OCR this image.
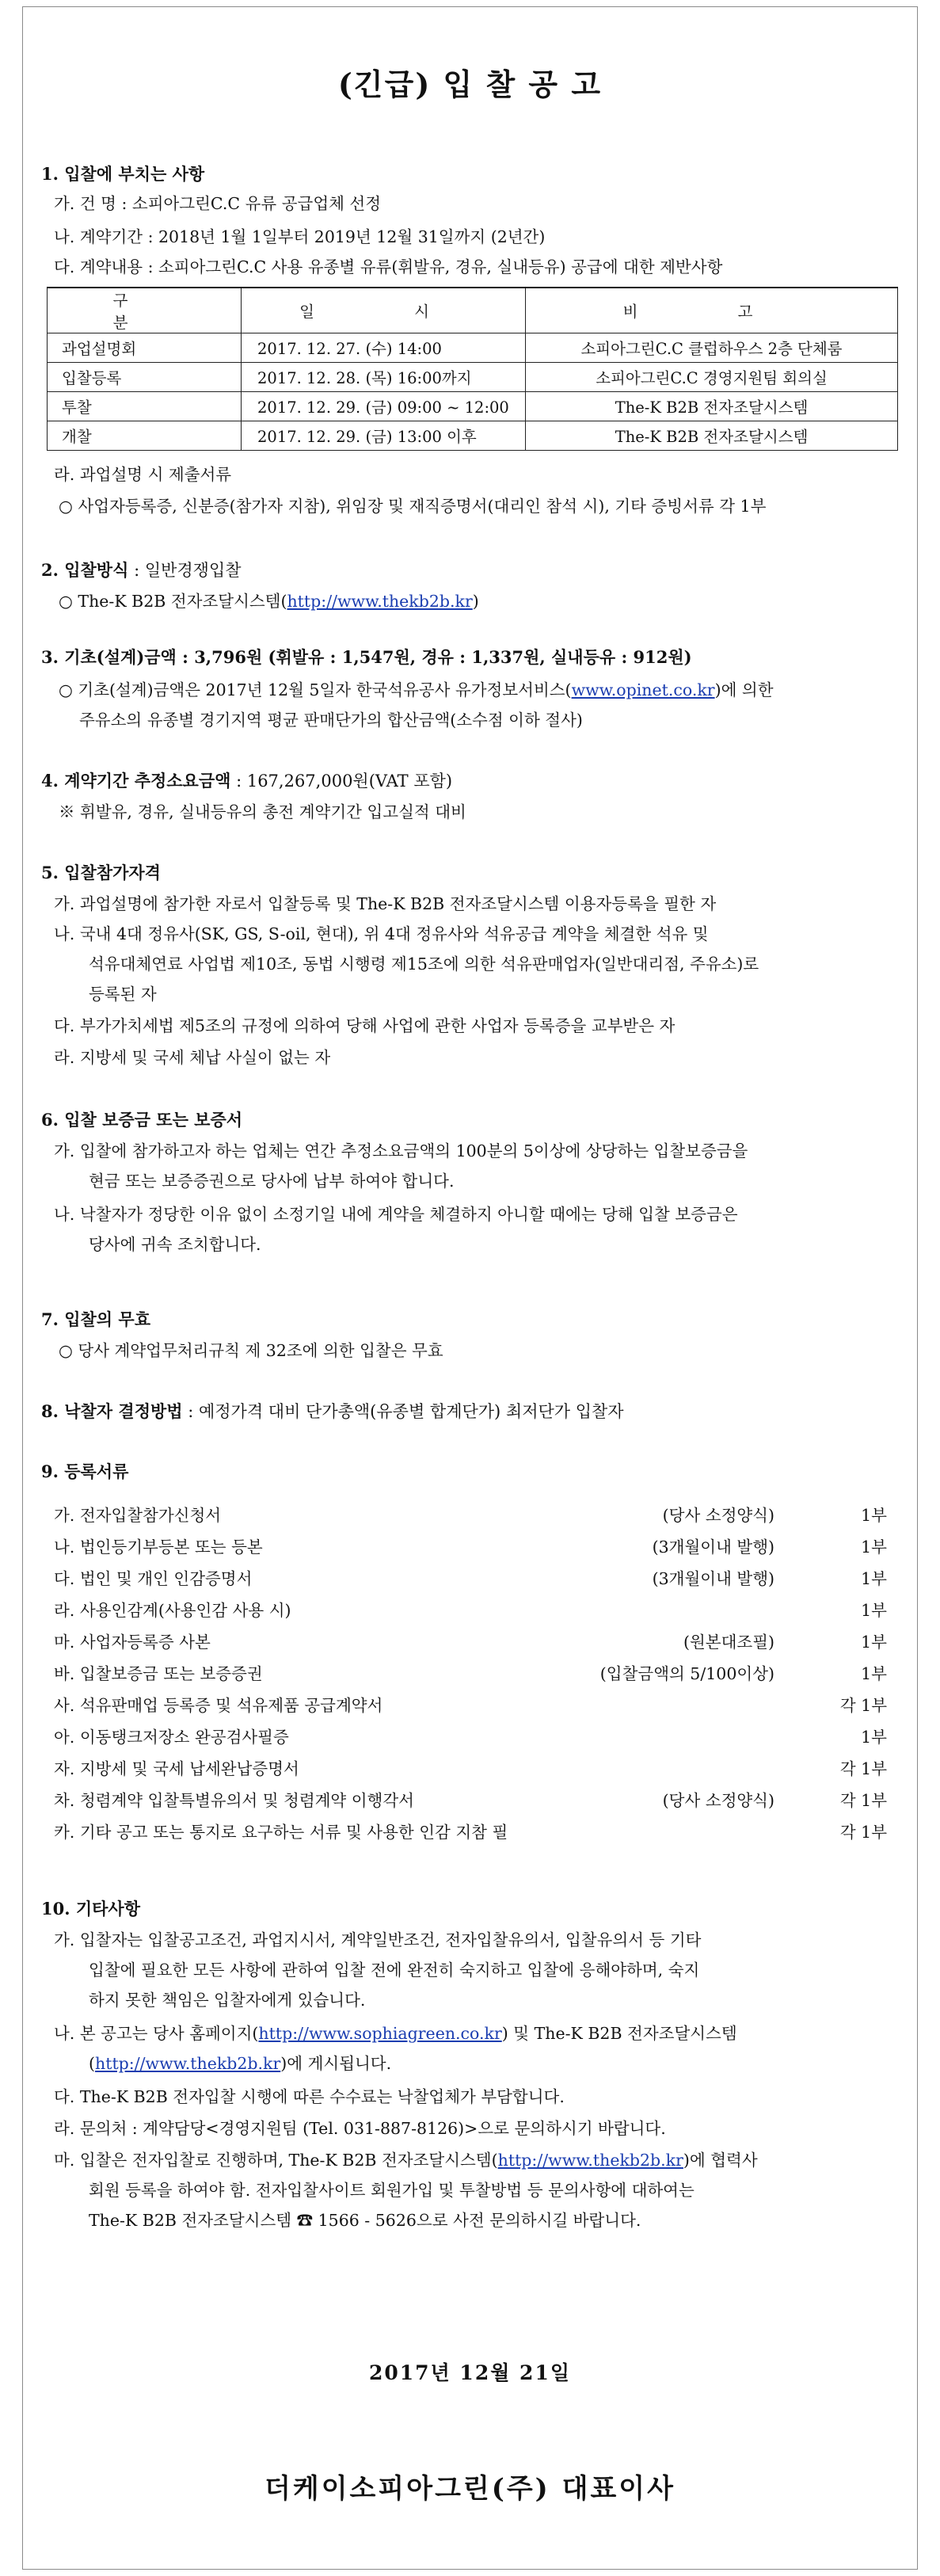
(긴급) 입 찰 공 고
1. 입찰에 부치는 사항
가. 건 명 : 소피아그린C.C 유류 공급업체 선정
나. 계약기간 : 2018년 1월 1일부터 2019년 12월 31일까지 (2년간)
다. 계약내용 : 소피아그린C.C 사용 유종별 유류(휘발유, 경유, 실내등유) 공급에 대한 제반사항
구 분	일 시	비 고
과업설명회	2017. 12. 27. (수) 14:00	소피아그린C.C 클럽하우스 2층 단체룸
입찰등록	2017. 12. 28. (목) 16:00까지	소피아그린C.C 경영지원팀 회의실
투찰	2017. 12. 29. (금) 09:00 ~ 12:00	The-K B2B 전자조달시스템
개찰	2017. 12. 29. (금) 13:00 이후	The-K B2B 전자조달시스템
라. 과업설명 시 제출서류
○ 사업자등록증, 신분증(참가자 지참), 위임장 및 재직증명서(대리인 참석 시), 기타 증빙서류 각 1부
2. 입찰방식 : 일반경쟁입찰
○ The-K B2B 전자조달시스템(http://www.thekb2b.kr)
3. 기초(설계)금액 : 3,796원 (휘발유 : 1,547원, 경유 : 1,337원, 실내등유 : 912원)
○ 기초(설계)금액은 2017년 12월 5일자 한국석유공사 유가정보서비스(www.opinet.co.kr)에 의한
주유소의 유종별 경기지역 평균 판매단가의 합산금액(소수점 이하 절사)
4. 계약기간 추정소요금액 : 167,267,000원(VAT 포함)
※ 휘발유, 경유, 실내등유의 총전 계약기간 입고실적 대비
5. 입찰참가자격
가. 과업설명에 참가한 자로서 입찰등록 및 The-K B2B 전자조달시스템 이용자등록을 필한 자
나. 국내 4대 정유사(SK, GS, S-oil, 현대), 위 4대 정유사와 석유공급 계약을 체결한 석유 및
석유대체연료 사업법 제10조, 동법 시행령 제15조에 의한 석유판매업자(일반대리점, 주유소)로
등록된 자
다. 부가가치세법 제5조의 규정에 의하여 당해 사업에 관한 사업자 등록증을 교부받은 자
라. 지방세 및 국세 체납 사실이 없는 자
6. 입찰 보증금 또는 보증서
가. 입찰에 참가하고자 하는 업체는 연간 추정소요금액의 100분의 5이상에 상당하는 입찰보증금을
현금 또는 보증증권으로 당사에 납부 하여야 합니다.
나. 낙찰자가 정당한 이유 없이 소정기일 내에 계약을 체결하지 아니할 때에는 당해 입찰 보증금은
당사에 귀속 조치합니다.
7. 입찰의 무효
○ 당사 계약업무처리규칙 제 32조에 의한 입찰은 무효
8. 낙찰자 결정방법 : 예정가격 대비 단가총액(유종별 합계단가) 최저단가 입찰자
9. 등록서류
가. 전자입찰참가신청서	(당사 소정양식)	1부
나. 법인등기부등본 또는 등본	(3개월이내 발행)	1부
다. 법인 및 개인 인감증명서	(3개월이내 발행)	1부
라. 사용인감계(사용인감 사용 시)	1부
마. 사업자등록증 사본	(원본대조필)	1부
바. 입찰보증금 또는 보증증권	(입찰금액의 5/100이상)	1부
사. 석유판매업 등록증 및 석유제품 공급계약서	각 1부
아. 이동탱크저장소 완공검사필증	1부
자. 지방세 및 국세 납세완납증명서	각 1부
차. 청렴계약 입찰특별유의서 및 청렴계약 이행각서	(당사 소정양식)	각 1부
카. 기타 공고 또는 통지로 요구하는 서류 및 사용한 인감 지참 필	각 1부
10. 기타사항
가. 입찰자는 입찰공고조건, 과업지시서, 계약일반조건, 전자입찰유의서, 입찰유의서 등 기타
입찰에 필요한 모든 사항에 관하여 입찰 전에 완전히 숙지하고 입찰에 응해야하며, 숙지
하지 못한 책임은 입찰자에게 있습니다.
나. 본 공고는 당사 홈페이지(http://www.sophiagreen.co.kr) 및 The-K B2B 전자조달시스템
(http://www.thekb2b.kr)에 게시됩니다.
다. The-K B2B 전자입찰 시행에 따른 수수료는 낙찰업체가 부담합니다.
라. 문의처 : 계약담당<경영지원팀 (Tel. 031-887-8126)>으로 문의하시기 바랍니다.
마. 입찰은 전자입찰로 진행하며, The-K B2B 전자조달시스템(http://www.thekb2b.kr)에 협력사
회원 등록을 하여야 함. 전자입찰사이트 회원가입 및 투찰방법 등 문의사항에 대하여는
The-K B2B 전자조달시스템 ☎ 1566 - 5626으로 사전 문의하시길 바랍니다.
2017년 12월 21일
더케이소피아그린(주) 대표이사
